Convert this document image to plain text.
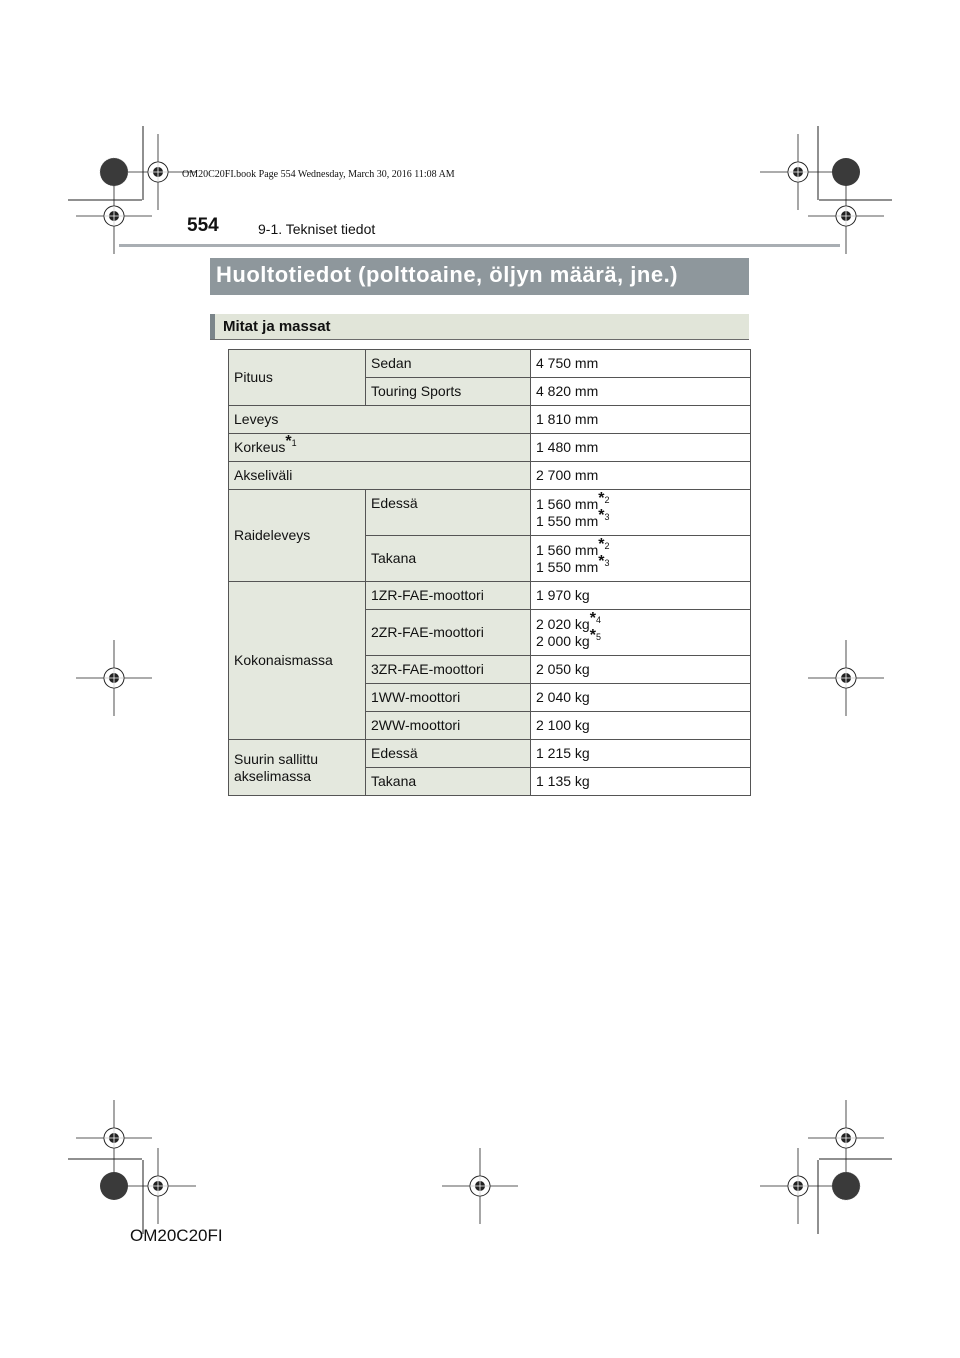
OM20C20FI.book Page 554 Wednesday, March 30, 2016 11:08 AM
554	9-1. Tekniset tiedot
Huoltotiedot (polttoaine, öljyn määrä, jne.)
Mitat ja massat
Pituus	Sedan	4 750 mm
	Touring Sports	4 820 mm
Leveys		1 810 mm
Korkeus$^{*1}$		1 480 mm
Akseliväli		2 700 mm
Raideleveys	Edessä	1 560 $mm^{*2}$
1 550 $mm^{*3}$
	Takana	1 560 $mm^{*2}$
1 550 $mm^{*3}$
Kokonaismassa	1ZR-FAE-moottori	1 970 kg
	2ZR-FAE-moottori	2 020 $kg^{*4}$
2 000 $kg^{*5}$
	3ZR-FAE-moottori	2 050 kg
	1WW-moottori	2 040 kg
	2WW-moottori	2 100 kg
Suurin sallittu akselimassa	Edessä	1 215 kg
	Takana	1 135 kg
OM20C20FI
